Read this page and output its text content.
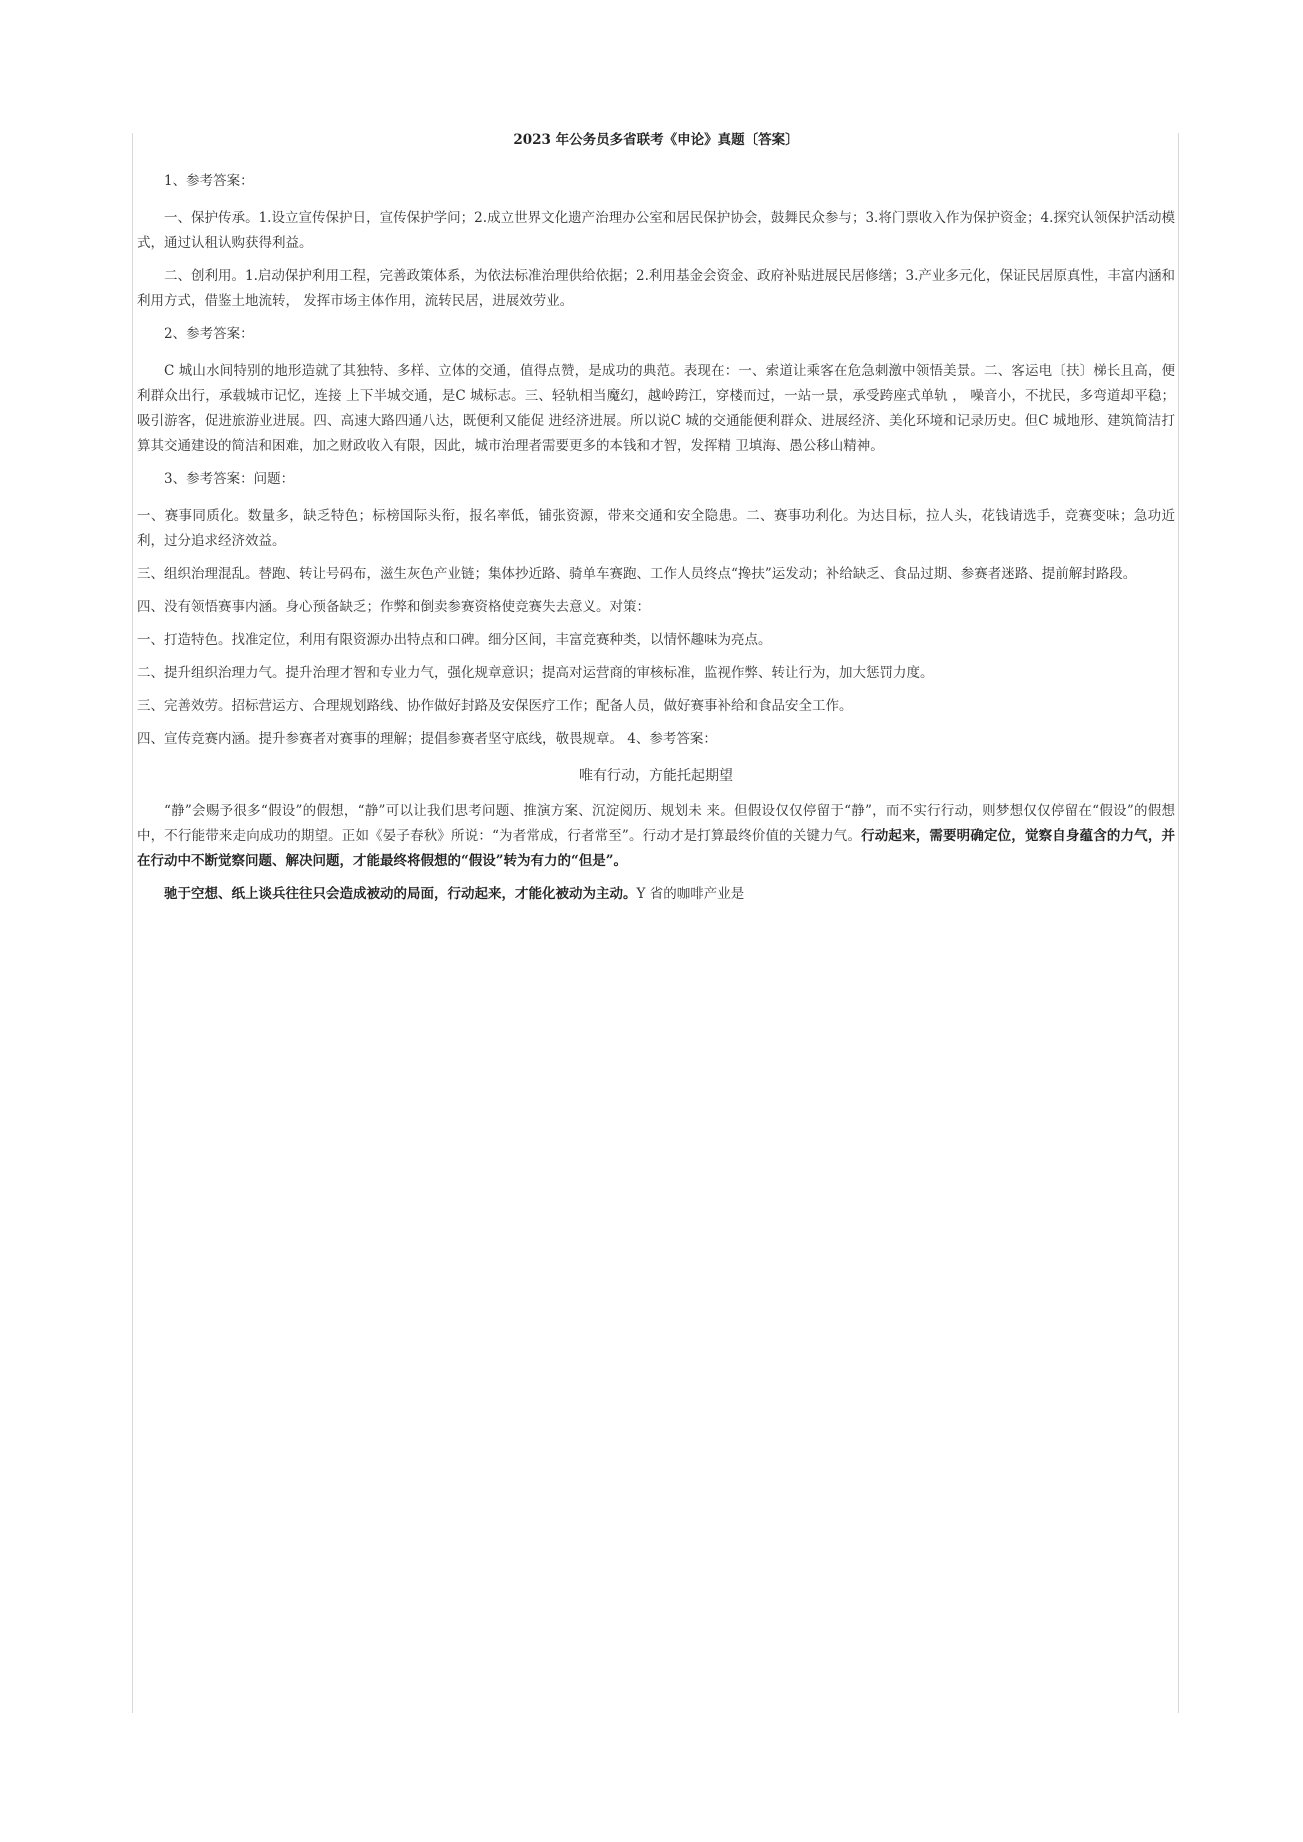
2023 年公务员多省联考《申论》真题〔答案〕

1、参考答案：

一、保护传承。1.设立宣传保护日，宣传保护学问；2.成立世界文化遗产治理办公室和居民保护协会，鼓舞民众参与；3.将门票收入作为保护资金；4.探究认领保护活动模式，通过认租认购获得利益。

二、创利用。1.启动保护利用工程，完善政策体系，为依法标准治理供给依据；2.利用基金会资金、政府补贴进展民居修缮；3.产业多元化，保证民居原真性，丰富内涵和利用方式，借鉴土地流转， 发挥市场主体作用，流转民居，进展效劳业。

2、参考答案：

C 城山水间特别的地形造就了其独特、多样、立体的交通，值得点赞，是成功的典范。表现在：一、索道让乘客在危急刺激中领悟美景。二、客运电〔扶〕梯长且高，便利群众出行，承载城市记忆，连接 上下半城交通，是C 城标志。三、轻轨相当魔幻，越岭跨江，穿楼而过，一站一景，承受跨座式单轨 ， 噪音小，不扰民，多弯道却平稳；吸引游客，促进旅游业进展。四、高速大路四通八达，既便利又能促 进经济进展。所以说C 城的交通能便利群众、进展经济、美化环境和记录历史。但C 城地形、建筑简洁打算其交通建设的简洁和困难，加之财政收入有限，因此，城市治理者需要更多的本钱和才智，发挥精 卫填海、愚公移山精神。

3、参考答案：问题：

一、赛事同质化。数量多，缺乏特色；标榜国际头衔，报名率低，铺张资源，带来交通和安全隐患。二、赛事功利化。为达目标，拉人头，花钱请选手，竞赛变味；急功近利，过分追求经济效益。

三、组织治理混乱。替跑、转让号码布，滋生灰色产业链；集体抄近路、骑单车赛跑、工作人员终点“搀扶”运发动；补给缺乏、食品过期、参赛者迷路、提前解封路段。

四、没有领悟赛事内涵。身心预备缺乏；作弊和倒卖参赛资格使竞赛失去意义。对策：

一、打造特色。找准定位，利用有限资源办出特点和口碑。细分区间，丰富竞赛种类，以情怀趣味为亮点。

二、提升组织治理力气。提升治理才智和专业力气，强化规章意识；提高对运营商的审核标准，监视作弊、转让行为，加大惩罚力度。

三、完善效劳。招标营运方、合理规划路线、协作做好封路及安保医疗工作；配备人员，做好赛事补给和食品安全工作。

四、宣传竞赛内涵。提升参赛者对赛事的理解；提倡参赛者坚守底线，敬畏规章。 4、参考答案：

唯有行动，方能托起期望

“静”会赐予很多“假设”的假想，“静”可以让我们思考问题、推演方案、沉淀阅历、规划未 来。但假设仅仅停留于“静”，而不实行行动，则梦想仅仅停留在“假设”的假想中，不行能带来走向成功的期望。正如《晏子春秋》所说：“为者常成，行者常至”。行动才是打算最终价值的关键力气。行动起来，需要明确定位，觉察自身蕴含的力气，并在行动中不断觉察问题、解决问题，才能最终将假想的“假设”转为有力的“但是”。

驰于空想、纸上谈兵往往只会造成被动的局面，行动起来，才能化被动为主动。Y 省的咖啡产业是
